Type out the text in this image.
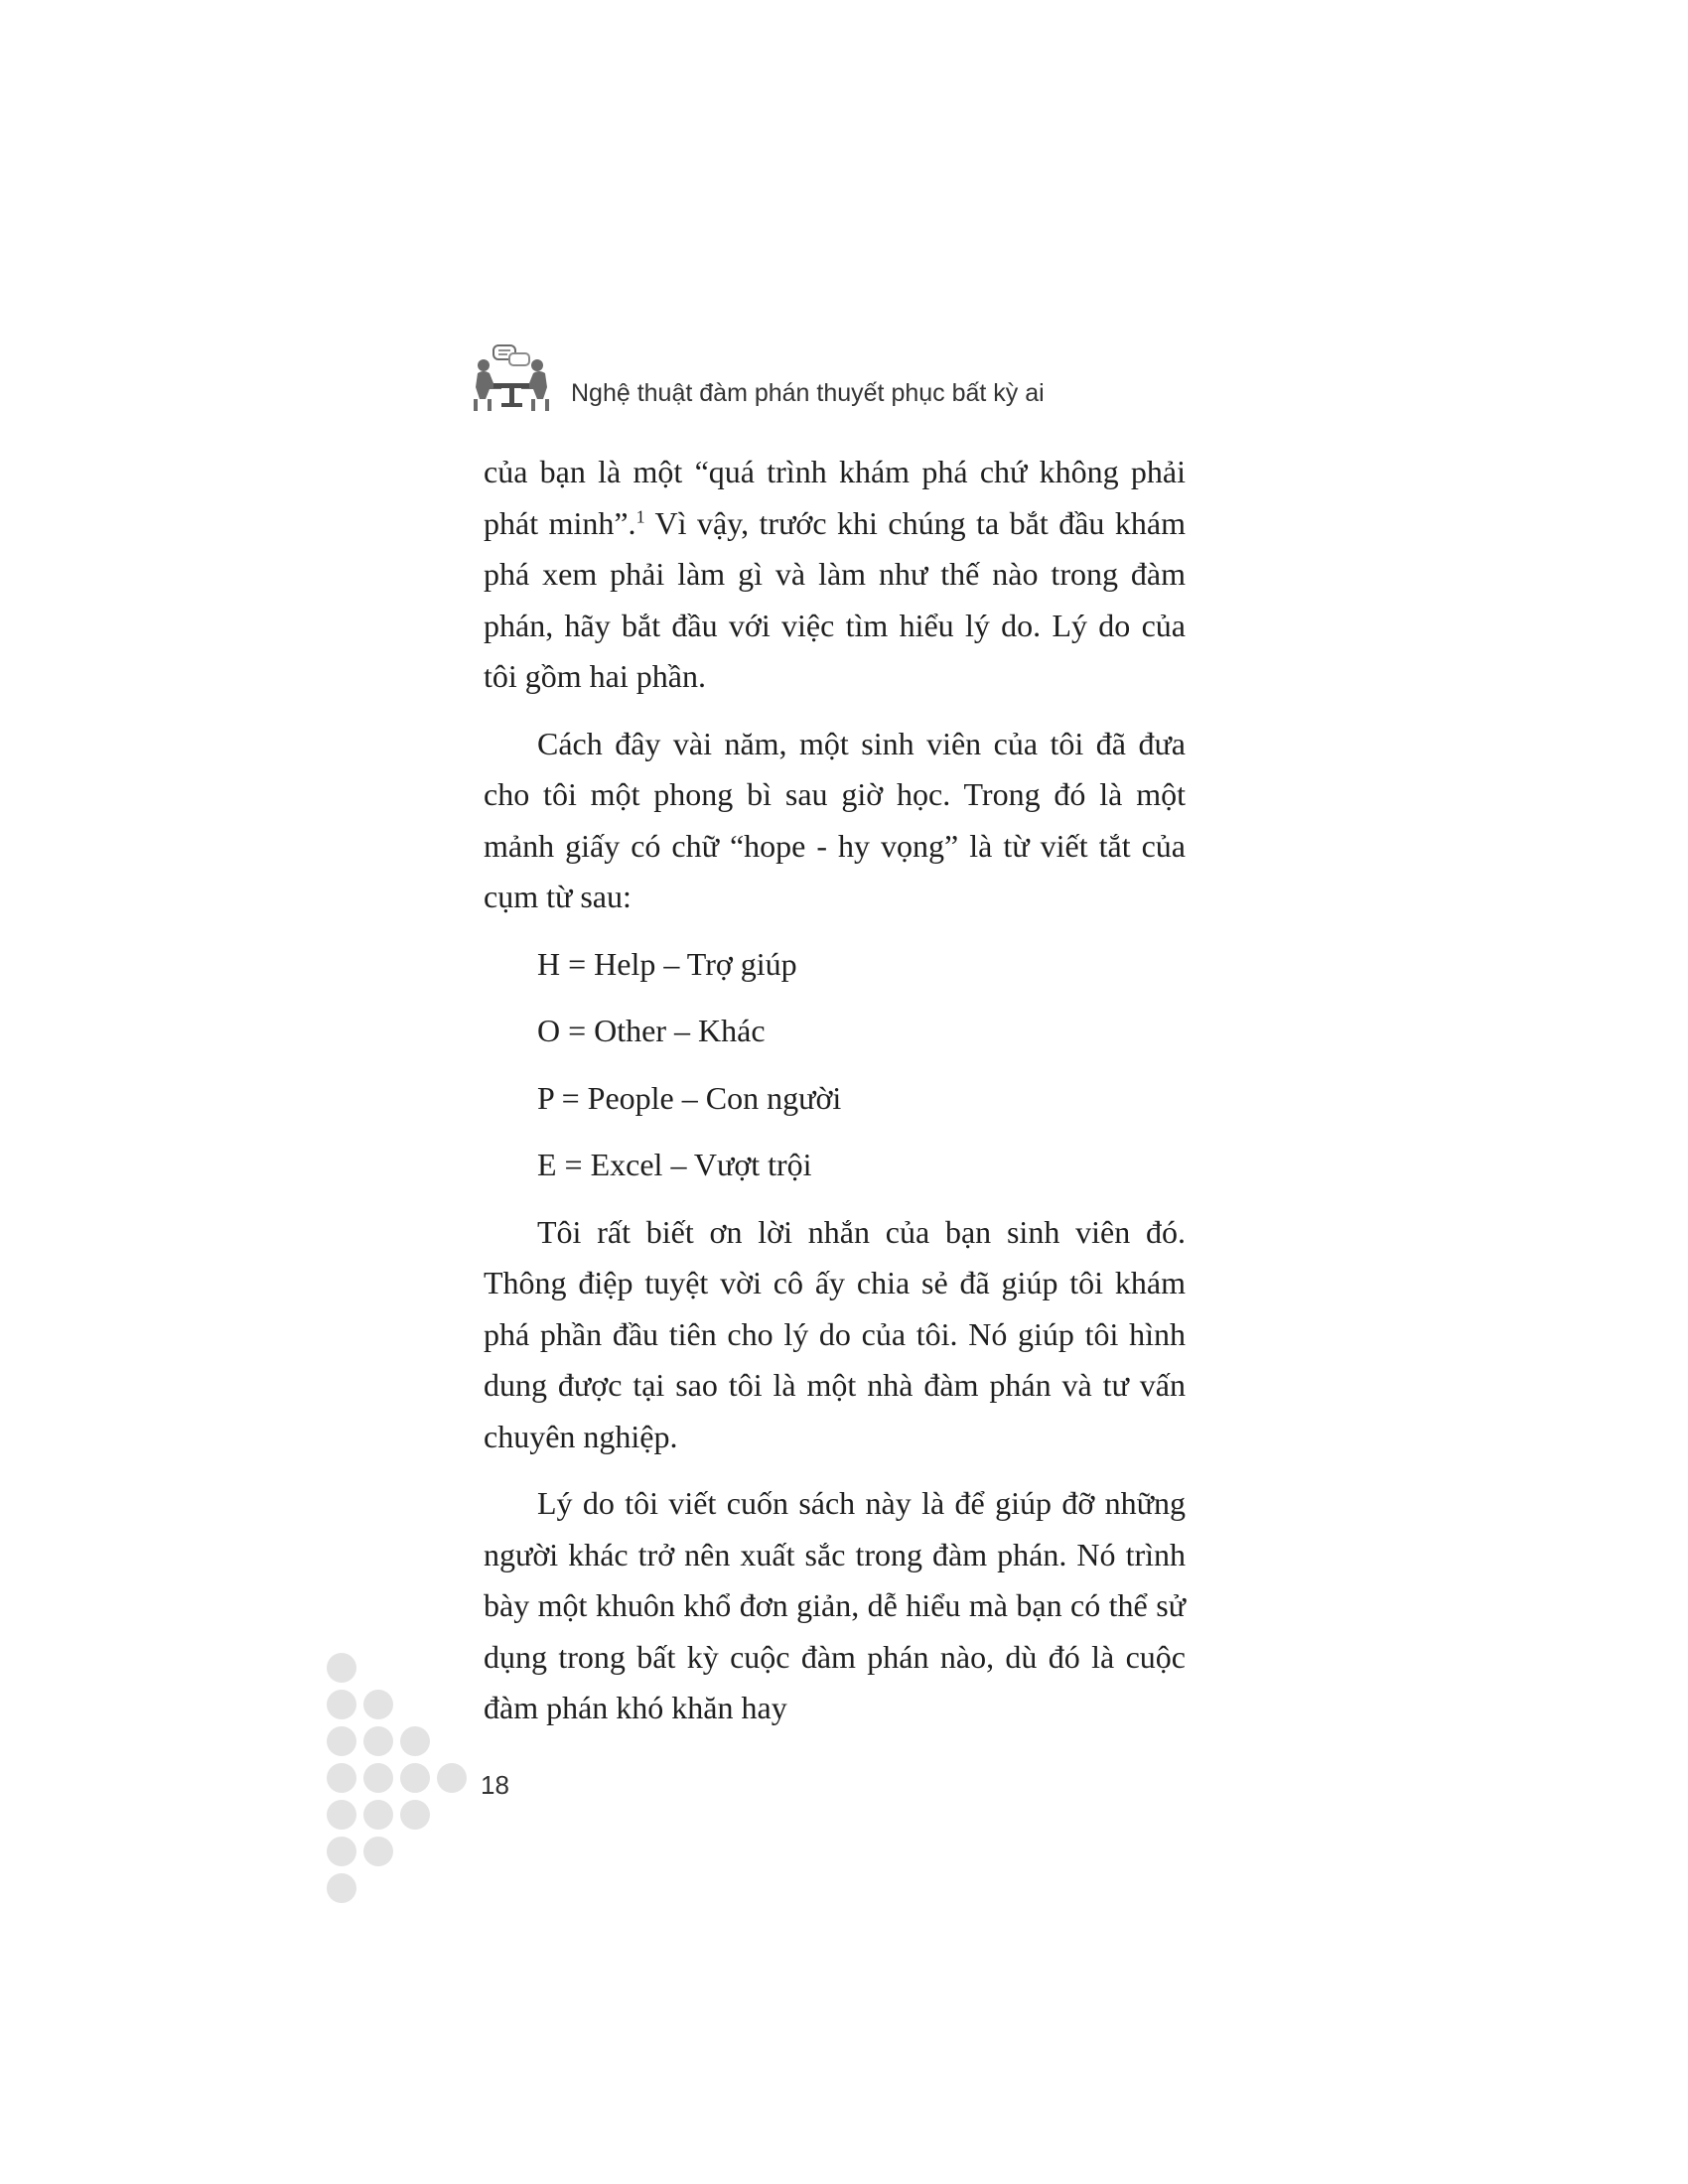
Nghệ thuật đàm phán thuyết phục bất kỳ ai

của bạn là một “quá trình khám phá chứ không phải phát minh”.$^1$ Vì vậy, trước khi chúng ta bắt đầu khám phá xem phải làm gì và làm như thế nào trong đàm phán, hãy bắt đầu với việc tìm hiểu lý do. Lý do của tôi gồm hai phần.

Cách đây vài năm, một sinh viên của tôi đã đưa cho tôi một phong bì sau giờ học. Trong đó là một mảnh giấy có chữ “hope - hy vọng” là từ viết tắt của cụm từ sau:

H = Help – Trợ giúp
O = Other – Khác
P = People – Con người
E = Excel – Vượt trội

Tôi rất biết ơn lời nhắn của bạn sinh viên đó. Thông điệp tuyệt vời cô ấy chia sẻ đã giúp tôi khám phá phần đầu tiên cho lý do của tôi. Nó giúp tôi hình dung được tại sao tôi là một nhà đàm phán và tư vấn chuyên nghiệp.

Lý do tôi viết cuốn sách này là để giúp đỡ những người khác trở nên xuất sắc trong đàm phán. Nó trình bày một khuôn khổ đơn giản, dễ hiểu mà bạn có thể sử dụng trong bất kỳ cuộc đàm phán nào, dù đó là cuộc đàm phán khó khăn hay

18
